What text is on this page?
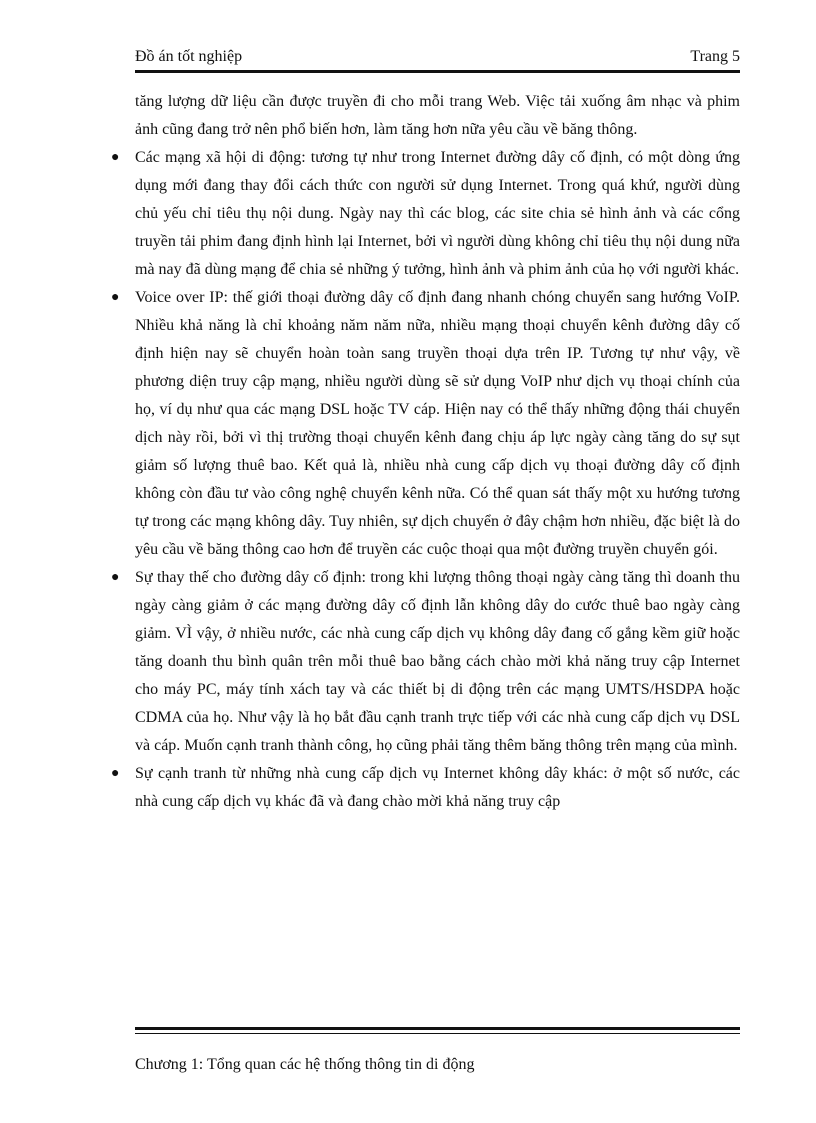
Đồ án tốt nghiệp	Trang 5

tăng lượng dữ liệu cần được truyền đi cho mỗi trang Web. Việc tải xuống âm nhạc và phim ảnh cũng đang trở nên phổ biến hơn, làm tăng hơn nữa yêu cầu về băng thông.

● Các mạng xã hội di động: tương tự như trong Internet đường dây cố định, có một dòng ứng dụng mới đang thay đổi cách thức con người sử dụng Internet. Trong quá khứ, người dùng chủ yếu chỉ tiêu thụ nội dung. Ngày nay thì các blog, các site chia sẻ hình ảnh và các cổng truyền tải phim đang định hình lại Internet, bởi vì người dùng không chỉ tiêu thụ nội dung nữa mà nay đã dùng mạng để chia sẻ những ý tưởng, hình ảnh và phim ảnh của họ với người khác.
● Voice over IP: thế giới thoại đường dây cố định đang nhanh chóng chuyển sang hướng VoIP. Nhiều khả năng là chỉ khoảng năm năm nữa, nhiều mạng thoại chuyển kênh đường dây cố định hiện nay sẽ chuyển hoàn toàn sang truyền thoại dựa trên IP. Tương tự như vậy, về phương diện truy cập mạng, nhiều người dùng sẽ sử dụng VoIP như dịch vụ thoại chính của họ, ví dụ như qua các mạng DSL hoặc TV cáp. Hiện nay có thể thấy những động thái chuyển dịch này rồi, bởi vì thị trường thoại chuyển kênh đang chịu áp lực ngày càng tăng do sự sụt giảm số lượng thuê bao. Kết quả là, nhiều nhà cung cấp dịch vụ thoại đường dây cố định không còn đầu tư vào công nghệ chuyển kênh nữa. Có thể quan sát thấy một xu hướng tương tự trong các mạng không dây. Tuy nhiên, sự dịch chuyển ở đây chậm hơn nhiều, đặc biệt là do yêu cầu về băng thông cao hơn để truyền các cuộc thoại qua một đường truyền chuyển gói.
● Sự thay thế cho đường dây cố định: trong khi lượng thông thoại ngày càng tăng thì doanh thu ngày càng giảm ở các mạng đường dây cố định lẫn không dây do cước thuê bao ngày càng giảm. VÌ vậy, ở nhiều nước, các nhà cung cấp dịch vụ không dây đang cố gắng kềm giữ hoặc tăng doanh thu bình quân trên mỗi thuê bao bằng cách chào mời khả năng truy cập Internet cho máy PC, máy tính xách tay và các thiết bị di động trên các mạng UMTS/HSDPA hoặc CDMA của họ. Như vậy là họ bắt đầu cạnh tranh trực tiếp với các nhà cung cấp dịch vụ DSL và cáp. Muốn cạnh tranh thành công, họ cũng phải tăng thêm băng thông trên mạng của mình.
● Sự cạnh tranh từ những nhà cung cấp dịch vụ Internet không dây khác: ở một số nước, các nhà cung cấp dịch vụ khác đã và đang chào mời khả năng truy cập
Chương 1: Tổng quan các hệ thống thông tin di động
